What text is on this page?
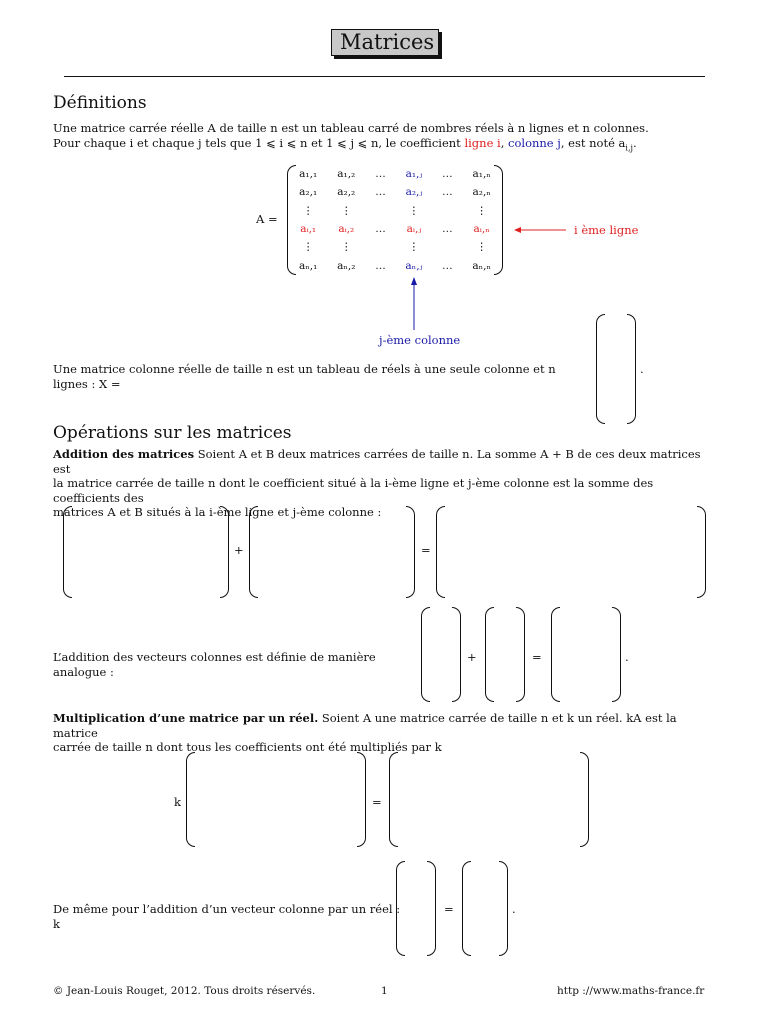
Matrices
Définitions
Une matrice carrée réelle A de taille n est un tableau carré de nombres réels à n lignes et n colonnes.
Pour chaque i et chaque j tels que 1 ⩽ i ⩽ n et 1 ⩽ j ⩽ n, le coefficient ligne i, colonne j, est noté $a_{i,j}$.
A =
a₁,₁ a₁,₂ … a₁,ⱼ … a₁,ₙ
a₂,₁ a₂,₂ … a₂,ⱼ … a₂,ₙ
⋮	⋮	⋮	⋮
aᵢ,₁ aᵢ,₂ … aᵢ,ⱼ … aᵢ,ₙ
⋮	⋮	⋮	⋮
aₙ,₁ aₙ,₂ … aₙ,ⱼ … aₙ,ₙ
i ème ligne
j-ème colonne
Une matrice colonne réelle de taille n est un tableau de réels à une seule colonne et n lignes : X =
.
Opérations sur les matrices
Addition des matrices Soient A et B deux matrices carrées de taille n. La somme A + B de ces deux matrices est
la matrice carrée de taille n dont le coefficient situé à la i-ème ligne et j-ème colonne est la somme des coefficients des
matrices A et B situés à la i-ème ligne et j-ème colonne :
+	=
L’addition des vecteurs colonnes est définie de manière analogue :
+	=	.
Multiplication d’une matrice par un réel. Soient A une matrice carrée de taille n et k un réel. kA est la matrice
carrée de taille n dont tous les coefficients ont été multipliés par k
k	=
De même pour l’addition d’un vecteur colonne par un réel : k
=	.
© Jean-Louis Rouget, 2012. Tous droits réservés.	1	http ://www.maths-france.fr
